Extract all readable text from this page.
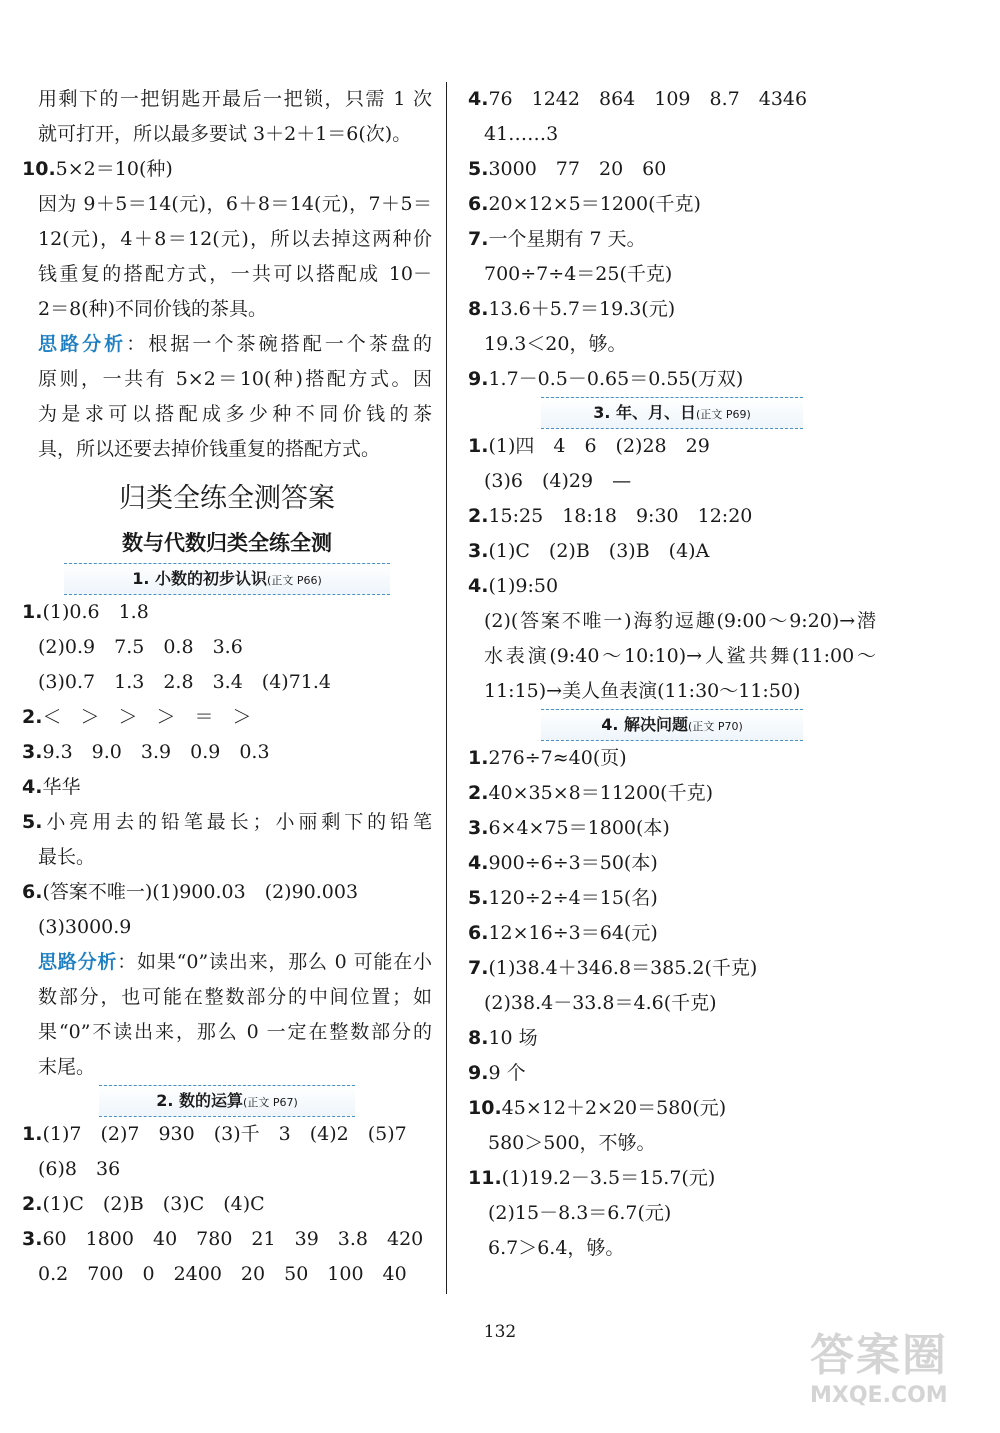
用剩下的一把钥匙开最后一把锁，只需 1 次
就可打开，所以最多要试 3＋2＋1＝6(次)。
10.5×2＝10(种)
因为 9＋5＝14(元)，6＋8＝14(元)，7＋5＝
12(元)，4＋8＝12(元)，所以去掉这两种价
钱重复的搭配方式，一共可以搭配成 10－
2＝8(种)不同价钱的茶具。
思路分析：根据一个茶碗搭配一个茶盘的
原则，一共有 5×2＝10(种)搭配方式。因
为是求可以搭配成多少种不同价钱的茶
具，所以还要去掉价钱重复的搭配方式。
归类全练全测答案
数与代数归类全练全测
1. 小数的初步认识(正文 P66)
1.(1)0.6　1.8
(2)0.9　7.5　0.8　3.6
(3)0.7　1.3　2.8　3.4　(4)71.4
2.＜　＞　＞　＞　＝　＞
3.9.3　9.0　3.9　0.9　0.3
4.华华
5.小亮用去的铅笔最长；小丽剩下的铅笔
最长。
6.(答案不唯一)(1)900.03　(2)90.003
(3)3000.9
思路分析：如果“0”读出来，那么 0 可能在小
数部分，也可能在整数部分的中间位置；如
果“0”不读出来，那么 0 一定在整数部分的
末尾。
2. 数的运算(正文 P67)
1.(1)7　(2)7　930　(3)千　3　(4)2　(5)7
(6)8　36
2.(1)C　(2)B　(3)C　(4)C
3.60　1800　40　780　21　39　3.8　420
0.2　700　0　2400　20　50　100　40
4.76　1242　864　109　8.7　4346
41……3
5.3000　77　20　60
6.20×12×5＝1200(千克)
7.一个星期有 7 天。
700÷7÷4＝25(千克)
8.13.6＋5.7＝19.3(元)
19.3＜20，够。
9.1.7－0.5－0.65＝0.55(万双)
3. 年、月、日(正文 P69)
1.(1)四　4　6　(2)28　29
(3)6　(4)29　—
2.15:25　18:18　9:30　12:20
3.(1)C　(2)B　(3)B　(4)A
4.(1)9:50
(2)(答案不唯一)海豹逗趣(9:00～9:20)→潜
水表演(9:40～10:10)→人鲨共舞(11:00～
11:15)→美人鱼表演(11:30～11:50)
4. 解决问题(正文 P70)
1.276÷7≈40(页)
2.40×35×8＝11200(千克)
3.6×4×75＝1800(本)
4.900÷6÷3＝50(本)
5.120÷2÷4＝15(名)
6.12×16÷3＝64(元)
7.(1)38.4＋346.8＝385.2(千克)
(2)38.4－33.8＝4.6(千克)
8.10 场
9.9 个
10.45×12＋2×20＝580(元)
580＞500，不够。
11.(1)19.2－3.5＝15.7(元)
(2)15－8.3＝6.7(元)
6.7＞6.4，够。
132	答案圈
MXQE.COM
